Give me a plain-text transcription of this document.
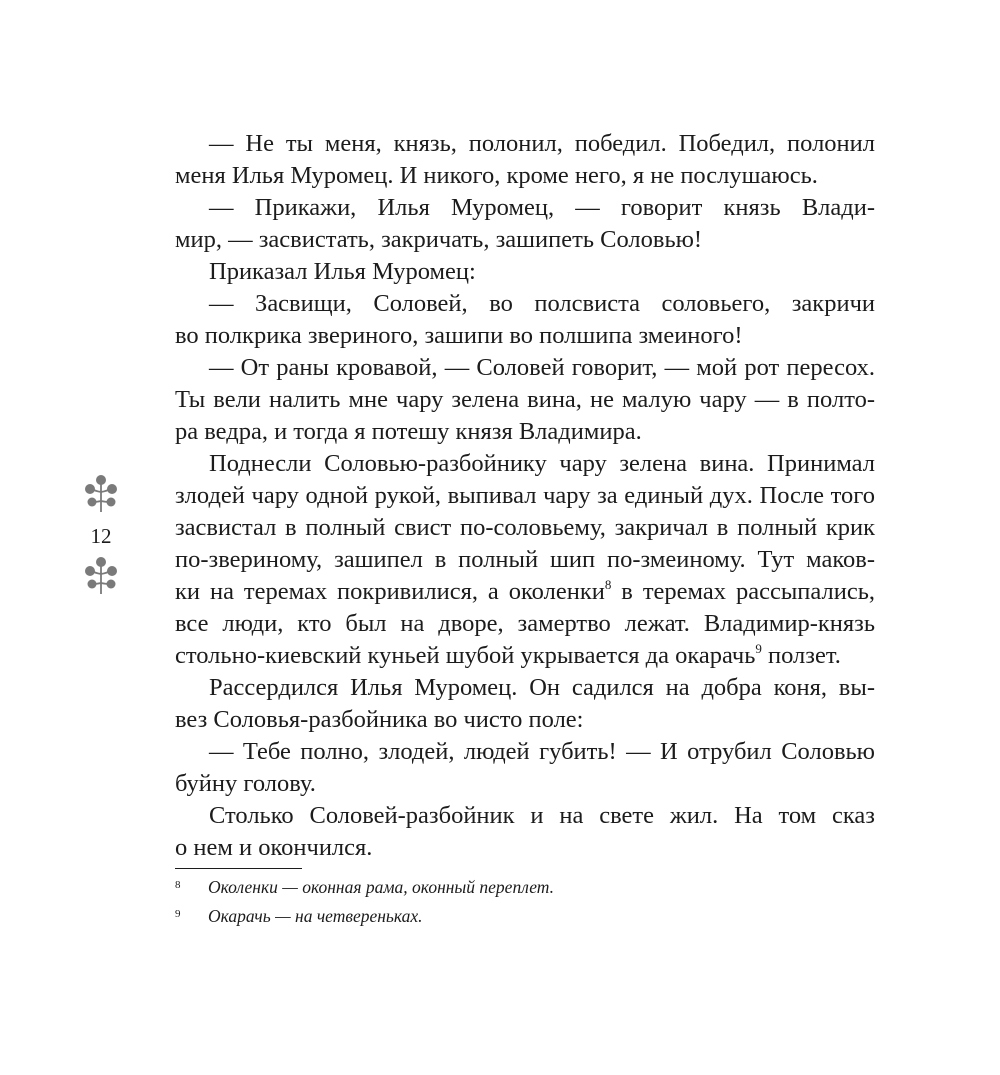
— Не ты меня, князь, полонил, победил. Победил, полонил
меня Илья Муромец. И никого, кроме него, я не послушаюсь.
— Прикажи, Илья Муромец, — говорит князь Влади-
мир, — засвистать, закричать, зашипеть Соловью!
Приказал Илья Муромец:
— Засвищи, Соловей, во полсвиста соловьего, закричи
во полкрика звериного, зашипи во полшипа змеиного!
— От раны кровавой, — Соловей говорит, — мой рот пересох.
Ты вели налить мне чару зелена вина, не малую чару — в полто-
ра ведра, и тогда я потешу князя Владимира.
Поднесли Соловью-разбойнику чару зелена вина. Принимал
злодей чару одной рукой, выпивал чару за единый дух. После того
засвистал в полный свист по-соловьему, закричал в полный крик
по-звериному, зашипел в полный шип по-змеиному. Тут маков-
ки на теремах покривилися, а околенки$^8$ в теремах рассыпались,
все люди, кто был на дворе, замертво лежат. Владимир-князь
стольно-киевский куньей шубой укрывается да окарачь$^9$ ползет.
Рассердился Илья Муромец. Он садился на добра коня, вы-
вез Соловья-разбойника во чисто поле:
— Тебе полно, злодей, людей губить! — И отрубил Соловью
буйну голову.
Столько Соловей-разбойник и на свете жил. На том сказ
о нем и окончился.
8	Околенки — оконная рама, оконный переплет.
9	Окарачь — на четвереньках.
12
